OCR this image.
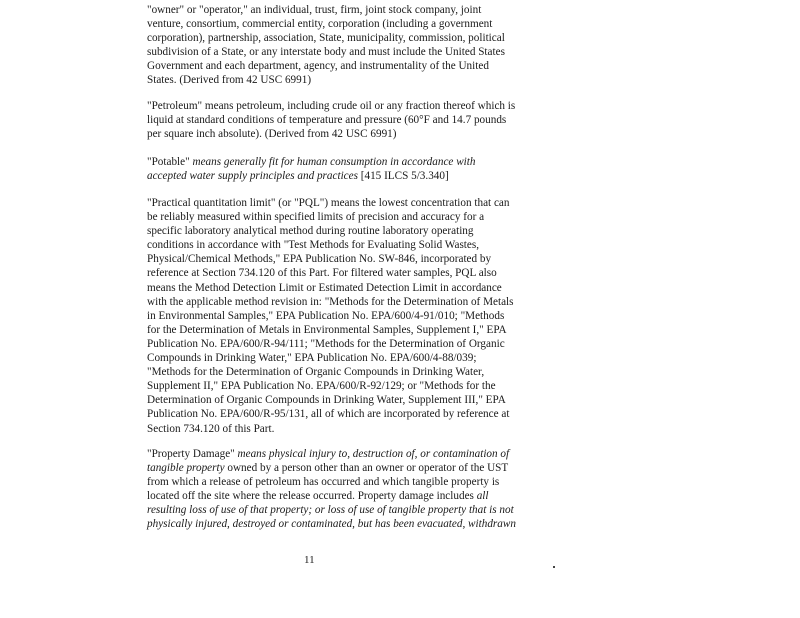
"owner" or "operator," an individual, trust, firm, joint stock company, joint
venture, consortium, commercial entity, corporation (including a government
corporation), partnership, association, State, municipality, commission, political
subdivision of a State, or any interstate body and must include the United States
Government and each department, agency, and instrumentality of the United
States. (Derived from 42 USC 6991)
"Petroleum" means petroleum, including crude oil or any fraction thereof which is
liquid at standard conditions of temperature and pressure (60°F and 14.7 pounds
per square inch absolute). (Derived from 42 USC 6991)
"Potable" means generally fit for human consumption in accordance with
accepted water supply principles and practices [415 ILCS 5/3.340]
"Practical quantitation limit" (or "PQL") means the lowest concentration that can
be reliably measured within specified limits of precision and accuracy for a
specific laboratory analytical method during routine laboratory operating
conditions in accordance with "Test Methods for Evaluating Solid Wastes,
Physical/Chemical Methods," EPA Publication No. SW-846, incorporated by
reference at Section 734.120 of this Part. For filtered water samples, PQL also
means the Method Detection Limit or Estimated Detection Limit in accordance
with the applicable method revision in: "Methods for the Determination of Metals
in Environmental Samples," EPA Publication No. EPA/600/4-91/010; "Methods
for the Determination of Metals in Environmental Samples, Supplement I," EPA
Publication No. EPA/600/R-94/111; "Methods for the Determination of Organic
Compounds in Drinking Water," EPA Publication No. EPA/600/4-88/039;
"Methods for the Determination of Organic Compounds in Drinking Water,
Supplement II," EPA Publication No. EPA/600/R-92/129; or "Methods for the
Determination of Organic Compounds in Drinking Water, Supplement III," EPA
Publication No. EPA/600/R-95/131, all of which are incorporated by reference at
Section 734.120 of this Part.
"Property Damage" means physical injury to, destruction of, or contamination of
tangible property owned by a person other than an owner or operator of the UST
from which a release of petroleum has occurred and which tangible property is
located off the site where the release occurred. Property damage includes all
resulting loss of use of that property; or loss of use of tangible property that is not
physically injured, destroyed or contaminated, but has been evacuated, withdrawn
11
